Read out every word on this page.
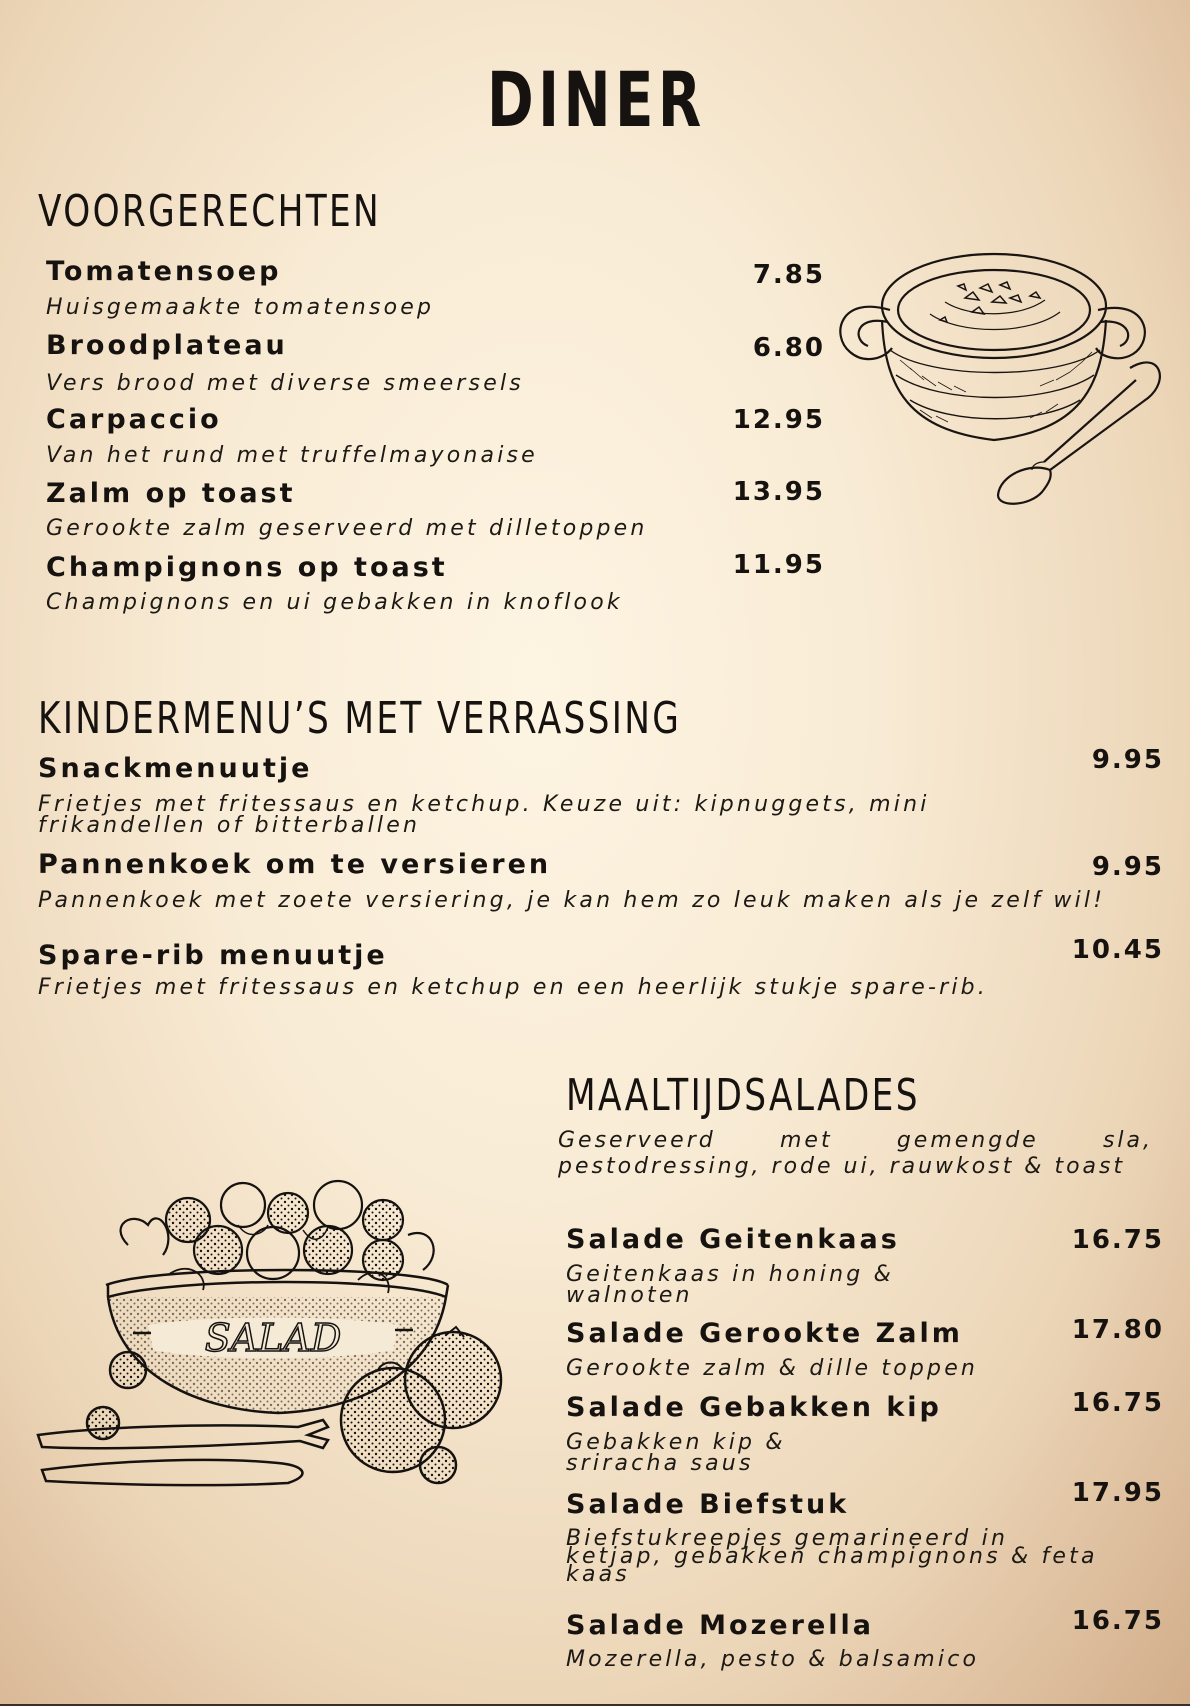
DINER
VOORGERECHTEN
Tomatensoep	7.85
Huisgemaakte tomatensoep
Broodplateau	6.80
Vers brood met diverse smeersels
Carpaccio	12.95
Van het rund met truffelmayonaise
Zalm op toast	13.95
Gerookte zalm geserveerd met dilletoppen
Champignons op toast	11.95
Champignons en ui gebakken in knoflook
KINDERMENU’S MET VERRASSING
Snackmenuutje	9.95
Frietjes met fritessaus en ketchup. Keuze uit: kipnuggets, mini frikandellen of bitterballen
Pannenkoek om te versieren	9.95
Pannenkoek met zoete versiering, je kan hem zo leuk maken als je zelf wil!
Spare-rib menuutje	10.45
Frietjes met fritessaus en ketchup en een heerlijk stukje spare-rib.
MAALTIJDSALADES
Geserveerd met gemengde sla, pestodressing, rode ui, rauwkost & toast
Salade Geitenkaas	16.75
Geitenkaas in honing & walnoten
Salade Gerookte Zalm	17.80
Gerookte zalm & dille toppen
Salade Gebakken kip	16.75
Gebakken kip & sriracha saus
Salade Biefstuk	17.95
Biefstukreepjes gemarineerd in ketjap, gebakken champignons & feta kaas
Salade Mozerella	16.75
Mozerella, pesto & balsamico
SALAD
